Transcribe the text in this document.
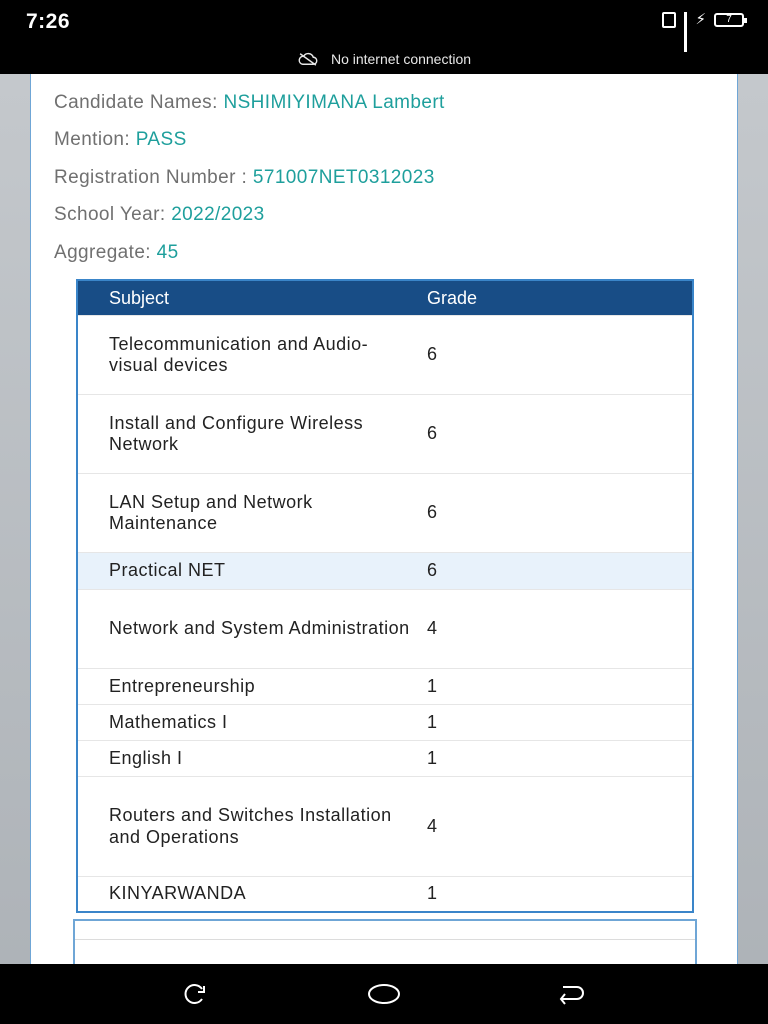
7:26	⚡	7
No internet connection
Candidate Names: NSHIMIYIMANA Lambert
Mention: PASS
Registration Number : 571007NET0312023
School Year: 2022/2023
Aggregate: 45
Subject	Grade
Telecommunication and Audio-visual devices	6
Install and Configure Wireless Network	6
LAN Setup and Network Maintenance	6
Practical NET	6
Network and System Administration	4
Entrepreneurship	1
Mathematics I	1
English I	1
Routers and Switches Installation and Operations	4
KINYARWANDA	1
